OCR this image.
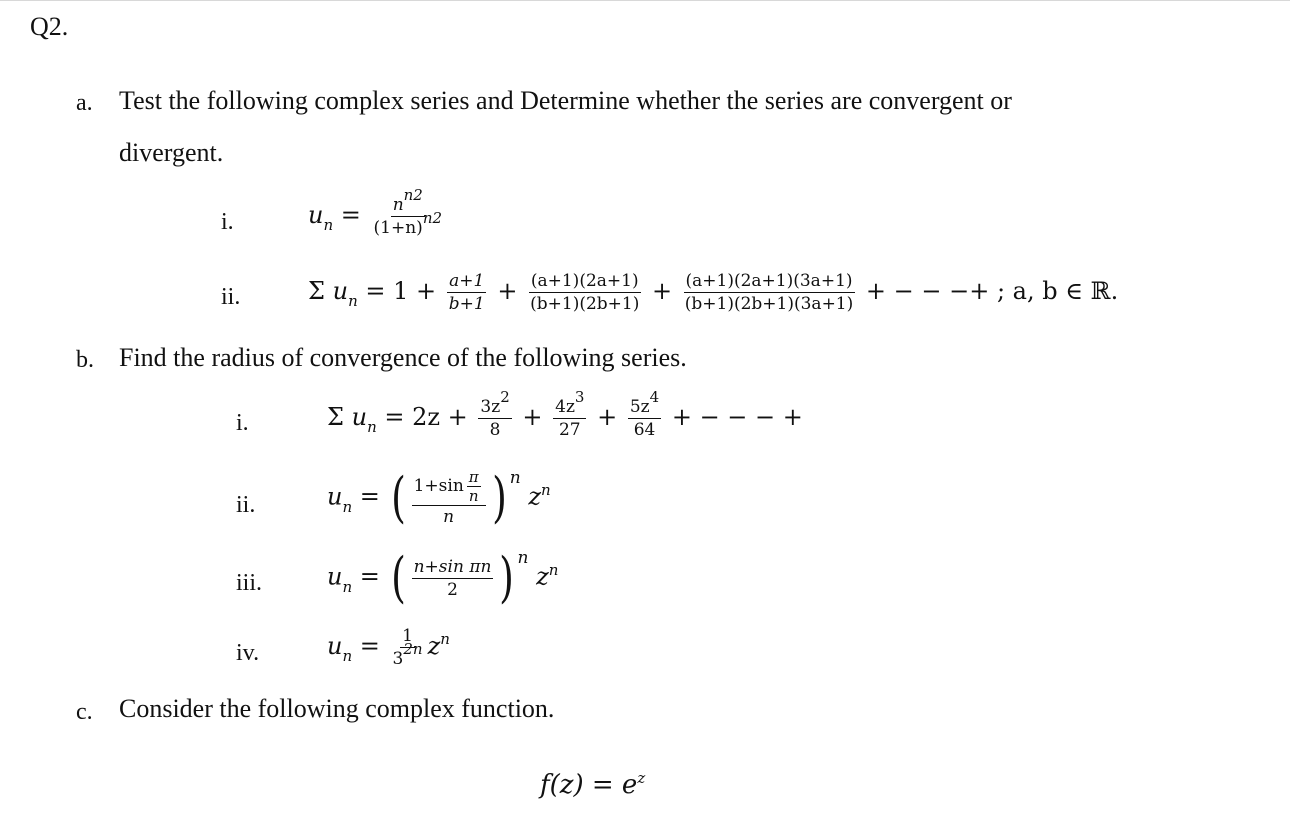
Q2.
a. Test the following complex series and Determine whether the series are convergent or
divergent.
i.	$u_n = \frac{nn2}{(1+n)n2}$
ii.	Σ $u_n = 1 + \frac{a+1}{b+1} + \frac{(a+1)(2a+1)}{(b+1)(2b+1)} + \frac{(a+1)(2a+1)(3a+1)}{(b+1)(2b+1)(3a+1)}$ + − − −+ ; a, b ∈ ℝ.
b. Find the radius of convergence of the following series.
i.	Σ $u_n = 2z + \frac{3z2}{8} + \frac{4z3}{27} + \frac{5z4}{64}$ + − − − +
ii.	$u_n$ = ( $\frac{1+\sin \frac{\pi}{n}}{n}$ ) $^n$ $z^n$
iii.	$u_n$ = ( $\frac{\text{n+sin πn}}{2}$ ) $^n$ $z^n$
iv.	$u_n = \frac{1}{32n} z^n$
c. Consider the following complex function.
$f(z) = e^z$
